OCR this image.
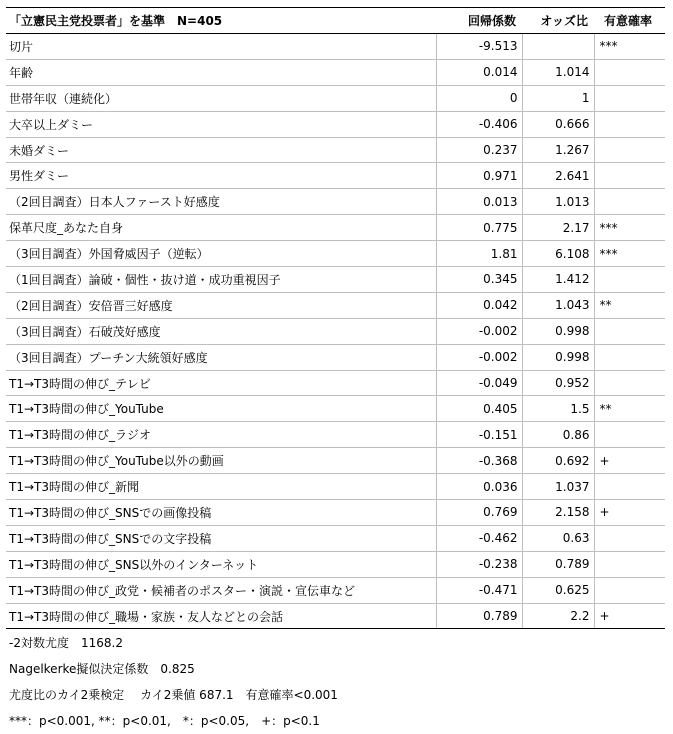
「立憲民主党投票者」を基準　N=405	回帰係数	オッズ比	有意確率
切片	-9.513		***
年齢	0.014	1.014	
世帯年収（連続化）	0	1	
大卒以上ダミー	-0.406	0.666	
未婚ダミー	0.237	1.267	
男性ダミー	0.971	2.641	
（2回目調査）日本人ファースト好感度	0.013	1.013	
保革尺度_あなた自身	0.775	2.17	***
（3回目調査）外国脅威因子（逆転）	1.81	6.108	***
（1回目調査）論破・個性・抜け道・成功重視因子	0.345	1.412	
（2回目調査）安倍晋三好感度	0.042	1.043	**
（3回目調査）石破茂好感度	-0.002	0.998	
（3回目調査）プーチン大統領好感度	-0.002	0.998	
T1→T3時間の伸び_テレビ	-0.049	0.952	
T1→T3時間の伸び_YouTube	0.405	1.5	**
T1→T3時間の伸び_ラジオ	-0.151	0.86	
T1→T3時間の伸び_YouTube以外の動画	-0.368	0.692	+
T1→T3時間の伸び_新聞	0.036	1.037	
T1→T3時間の伸び_SNSでの画像投稿	0.769	2.158	+
T1→T3時間の伸び_SNSでの文字投稿	-0.462	0.63	
T1→T3時間の伸び_SNS以外のインターネット	-0.238	0.789	
T1→T3時間の伸び_政党・候補者のポスター・演説・宣伝車など	-0.471	0.625	
T1→T3時間の伸び_職場・家族・友人などとの会話	0.789	2.2	+
-2対数尤度　1168.2
Nagelkerke擬似決定係数　0.825
尤度比のカイ2乗検定　 カイ2乗値 687.1　有意確率<0.001
***：p<0.001, **：p<0.01,　*：p<0.05,　+：p<0.1
